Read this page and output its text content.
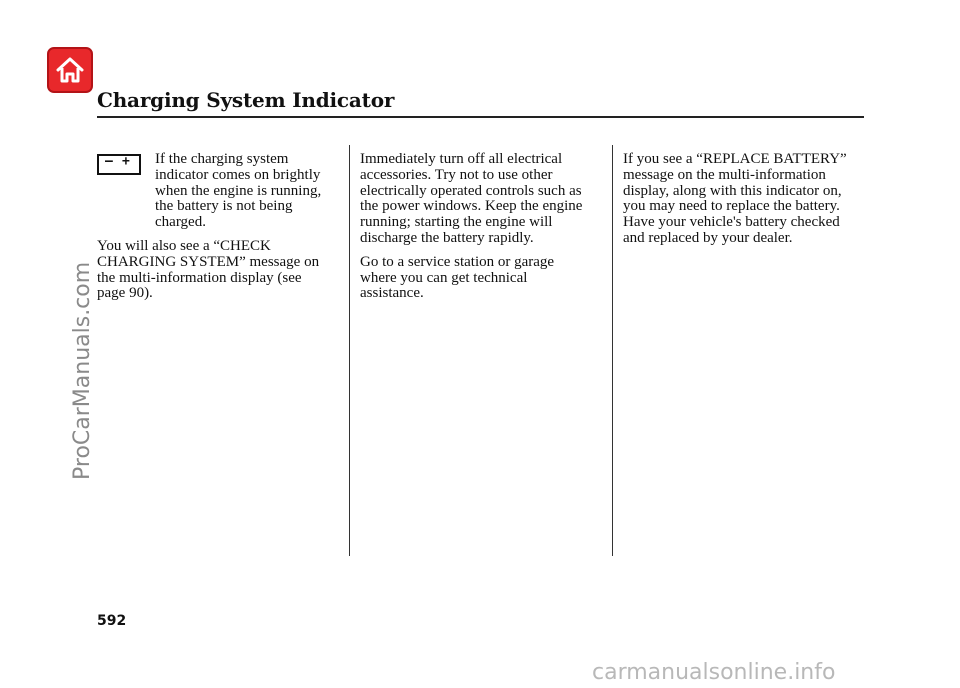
Charging System Indicator

– +	If the charging system indicator comes on brightly when the engine is running, the battery is not being charged.

You will also see a “CHECK CHARGING SYSTEM” message on the multi-information display (see page 90).

Immediately turn off all electrical accessories. Try not to use other electrically operated controls such as the power windows. Keep the engine running; starting the engine will discharge the battery rapidly.

Go to a service station or garage where you can get technical assistance.

If you see a “REPLACE BATTERY” message on the multi-information display, along with this indicator on, you may need to replace the battery. Have your vehicle's battery checked and replaced by your dealer.

592
ProCarManuals.com
carmanualsonline.info
